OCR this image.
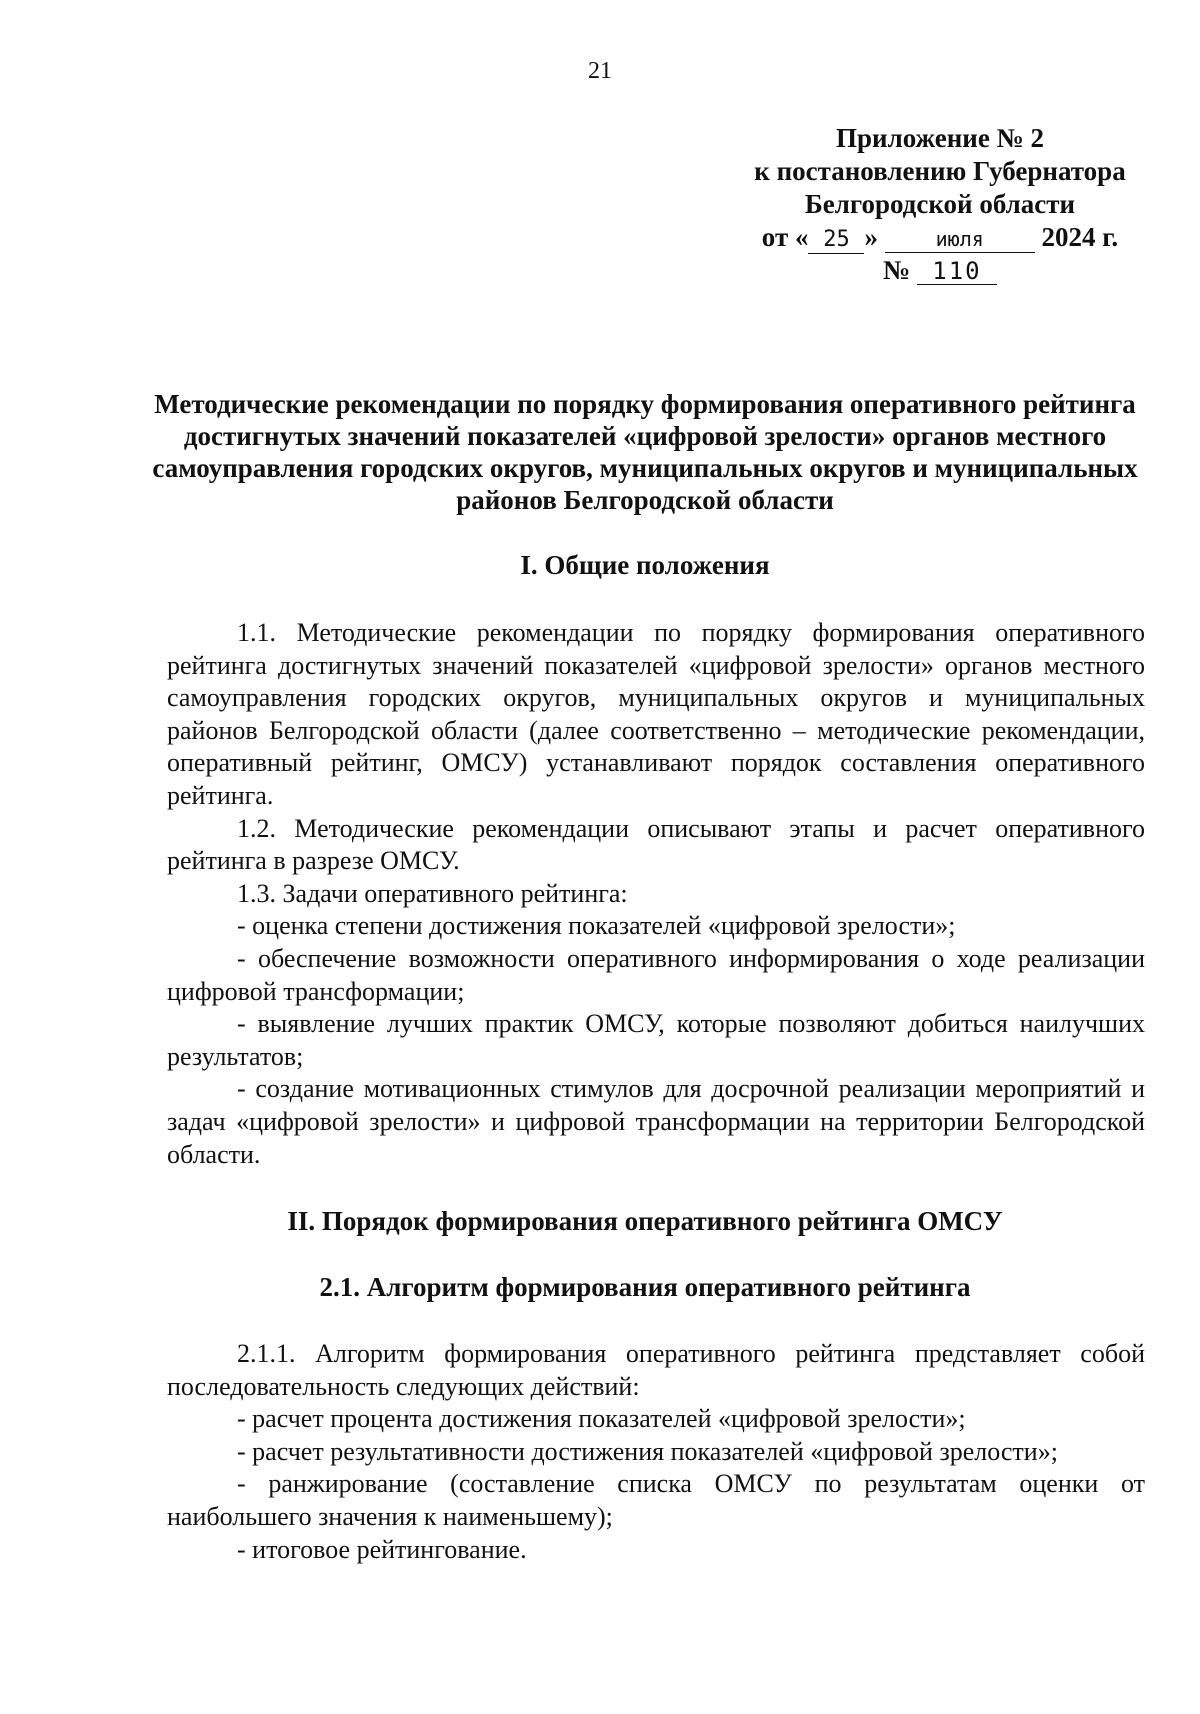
21
Приложение № 2
к постановлению Губернатора
Белгородской области
от « 25 »	июля 2024 г.
№ 110
Методические рекомендации по порядку формирования оперативного рейтинга достигнутых значений показателей «цифровой зрелости» органов местного самоуправления городских округов, муниципальных округов и муниципальных районов Белгородской области
I. Общие положения

1.1. Методические рекомендации по порядку формирования оперативного рейтинга достигнутых значений показателей «цифровой зрелости» органов местного самоуправления городских округов, муниципальных округов и муниципальных районов Белгородской области (далее соответственно – методические рекомендации, оперативный рейтинг, ОМСУ) устанавливают порядок составления оперативного рейтинга.

1.2. Методические рекомендации описывают этапы и расчет оперативного рейтинга в разрезе ОМСУ.

1.3. Задачи оперативного рейтинга:

- оценка степени достижения показателей «цифровой зрелости»;

- обеспечение возможности оперативного информирования о ходе реализации цифровой трансформации;

- выявление лучших практик ОМСУ, которые позволяют добиться наилучших результатов;

- создание мотивационных стимулов для досрочной реализации мероприятий и задач «цифровой зрелости» и цифровой трансформации на территории Белгородской области.

II. Порядок формирования оперативного рейтинга ОМСУ
2.1. Алгоритм формирования оперативного рейтинга

2.1.1. Алгоритм формирования оперативного рейтинга представляет собой последовательность следующих действий:

- расчет процента достижения показателей «цифровой зрелости»;

- расчет результативности достижения показателей «цифровой зрелости»;

- ранжирование (составление списка ОМСУ по результатам оценки от наибольшего значения к наименьшему);

- итоговое рейтингование.
